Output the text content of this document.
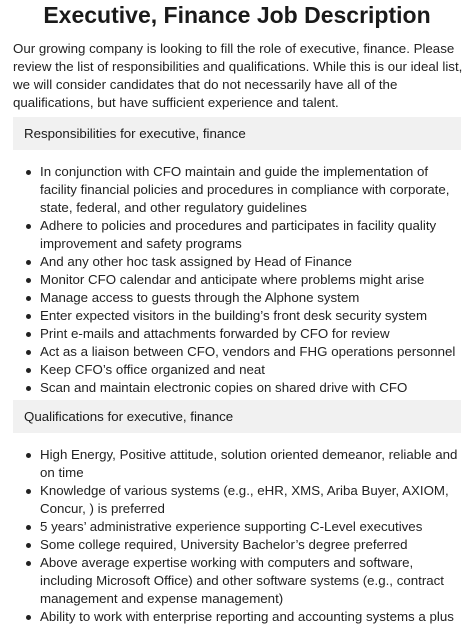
Executive, Finance Job Description

Our growing company is looking to fill the role of executive, finance. Please review the list of responsibilities and qualifications. While this is our ideal list, we will consider candidates that do not necessarily have all of the qualifications, but have sufficient experience and talent.

Responsibilities for executive, finance
In conjunction with CFO maintain and guide the implementation of facility financial policies and procedures in compliance with corporate, state, federal, and other regulatory guidelines
Adhere to policies and procedures and participates in facility quality improvement and safety programs
And any other hoc task assigned by Head of Finance
Monitor CFO calendar and anticipate where problems might arise
Manage access to guests through the Alphone system
Enter expected visitors in the building’s front desk security system
Print e-mails and attachments forwarded by CFO for review
Act as a liaison between CFO, vendors and FHG operations personnel
Keep CFO’s office organized and neat
Scan and maintain electronic copies on shared drive with CFO
Qualifications for executive, finance
High Energy, Positive attitude, solution oriented demeanor, reliable and on time
Knowledge of various systems (e.g., eHR, XMS, Ariba Buyer, AXIOM, Concur, ) is preferred
5 years’ administrative experience supporting C-Level executives
Some college required, University Bachelor’s degree preferred
Above average expertise working with computers and software, including Microsoft Office) and other software systems (e.g., contract management and expense management)
Ability to work with enterprise reporting and accounting systems a plus
